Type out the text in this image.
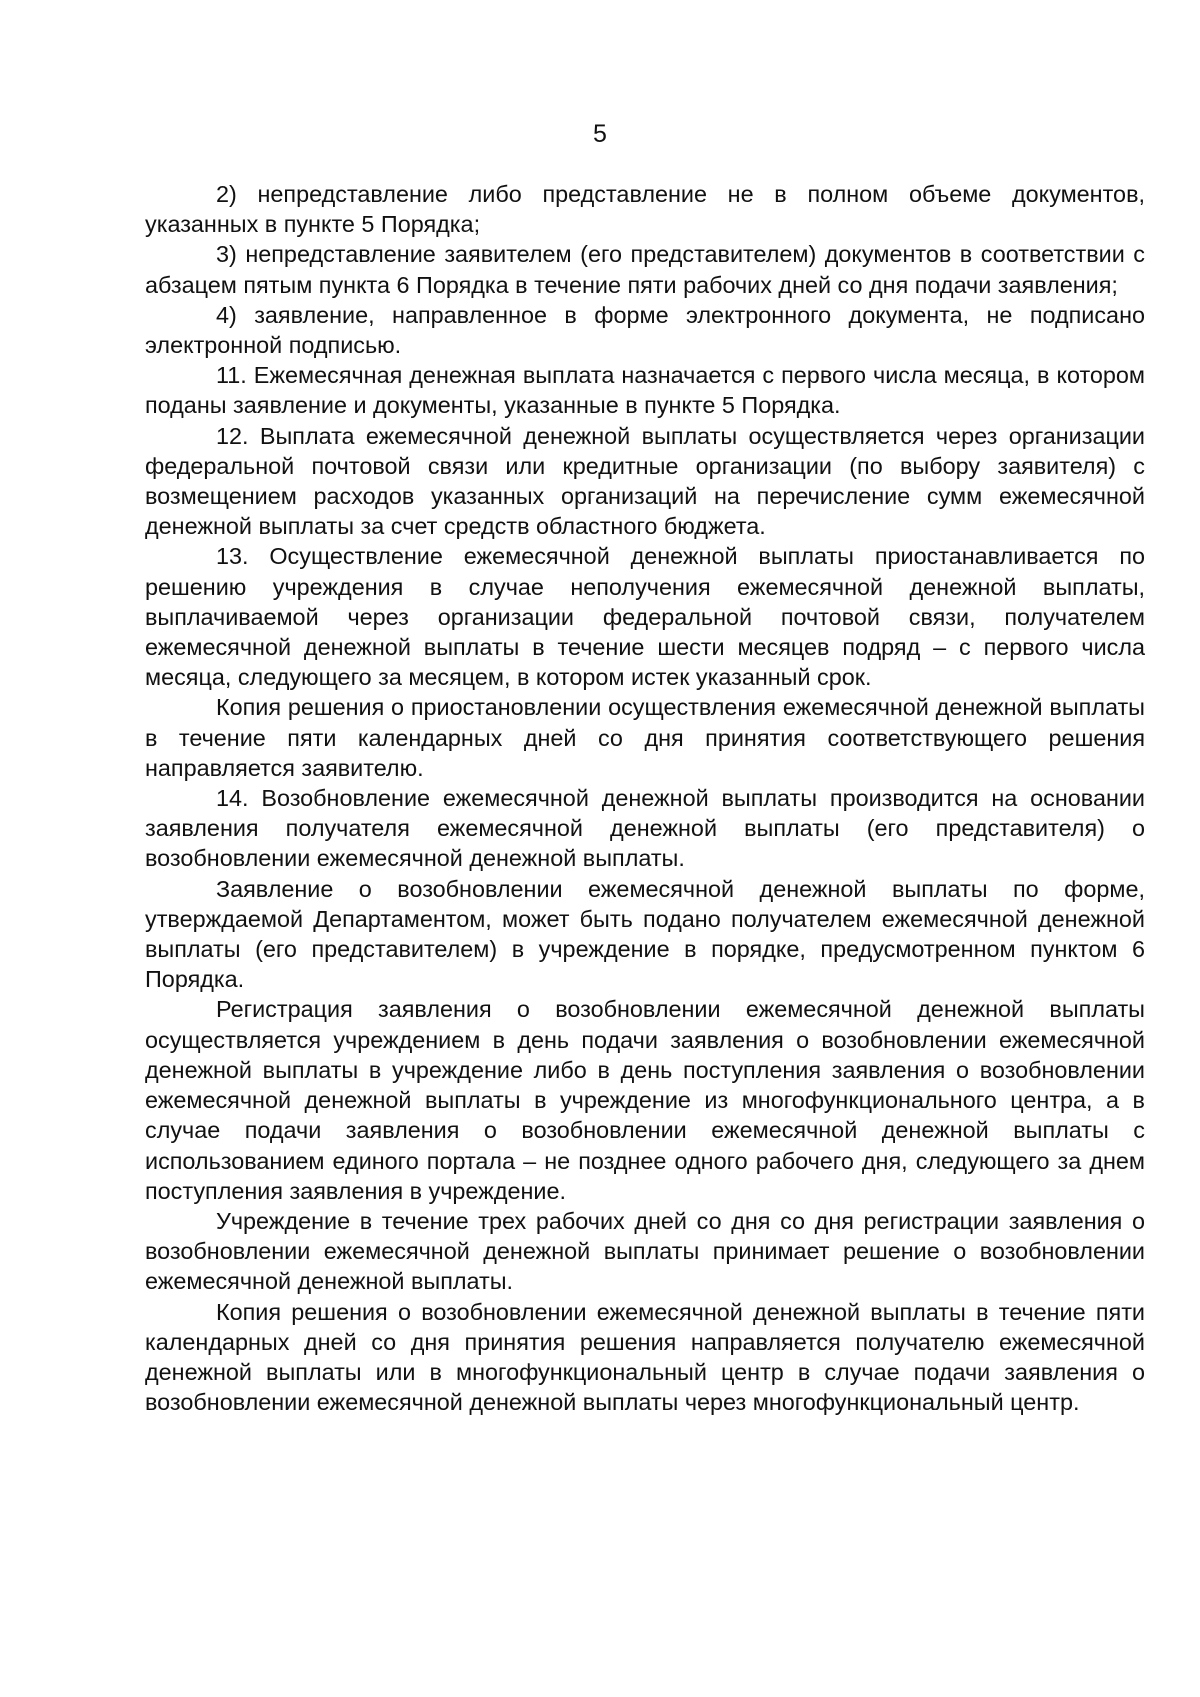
5

2) непредставление либо представление не в полном объеме документов, указанных в пункте 5 Порядка;

3) непредставление заявителем (его представителем) документов в соответствии с абзацем пятым пункта 6 Порядка в течение пяти рабочих дней со дня подачи заявления;

4) заявление, направленное в форме электронного документа, не подписано электронной подписью.

11. Ежемесячная денежная выплата назначается с первого числа месяца, в котором поданы заявление и документы, указанные в пункте 5 Порядка.

12. Выплата ежемесячной денежной выплаты осуществляется через организации федеральной почтовой связи или кредитные организации (по выбору заявителя) с возмещением расходов указанных организаций на перечисление сумм ежемесячной денежной выплаты за счет средств областного бюджета.

13. Осуществление ежемесячной денежной выплаты приостанавливается по решению учреждения в случае неполучения ежемесячной денежной выплаты, выплачиваемой через организации федеральной почтовой связи, получателем ежемесячной денежной выплаты в течение шести месяцев подряд – с первого числа месяца, следующего за месяцем, в котором истек указанный срок.

Копия решения о приостановлении осуществления ежемесячной денежной выплаты в течение пяти календарных дней со дня принятия соответствующего решения направляется заявителю.

14. Возобновление ежемесячной денежной выплаты производится на основании заявления получателя ежемесячной денежной выплаты (его представителя) о возобновлении ежемесячной денежной выплаты.

Заявление о возобновлении ежемесячной денежной выплаты по форме, утверждаемой Департаментом, может быть подано получателем ежемесячной денежной выплаты (его представителем) в учреждение в порядке, предусмотренном пунктом 6 Порядка.

Регистрация заявления о возобновлении ежемесячной денежной выплаты осуществляется учреждением в день подачи заявления о возобновлении ежемесячной денежной выплаты в учреждение либо в день поступления заявления о возобновлении ежемесячной денежной выплаты в учреждение из многофункционального центра, а в случае подачи заявления о возобновлении ежемесячной денежной выплаты с использованием единого портала – не позднее одного рабочего дня, следующего за днем поступления заявления в учреждение.

Учреждение в течение трех рабочих дней со дня со дня регистрации заявления о возобновлении ежемесячной денежной выплаты принимает решение о возобновлении ежемесячной денежной выплаты.

Копия решения о возобновлении ежемесячной денежной выплаты в течение пяти календарных дней со дня принятия решения направляется получателю ежемесячной денежной выплаты или в многофункциональный центр в случае подачи заявления о возобновлении ежемесячной денежной выплаты через многофункциональный центр.
